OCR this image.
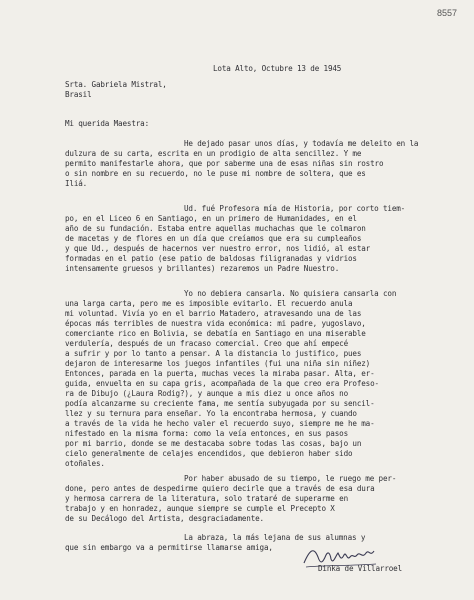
8557
Lota Alto, Octubre 13 de 1945
Srta. Gabriela Mistral,
Brasil
Mi querida Maestra:
He dejado pasar unos días, y todavía me deleito en la
dulzura de su carta, escrita en un prodigio de alta sencillez. Y me
permito manifestarle ahora, que por saberme una de esas niñas sin rostro
o sin nombre en su recuerdo, no le puse mi nombre de soltera, que es
Iliá.
Ud. fué Profesora mía de Historia, por corto tiem-
po, en el Liceo 6 en Santiago, en un primero de Humanidades, en el
año de su fundación. Estaba entre aquellas muchachas que le colmaron
de macetas y de flores en un día que creíamos que era su cumpleaños
y que Ud., después de hacernos ver nuestro error, nos lidió, al estar
formadas en el patio (ese patio de baldosas filigranadas y vidrios
intensamente gruesos y brillantes) rezaremos un Padre Nuestro.
Yo no debiera cansarla. No quisiera cansarla con
una larga carta, pero me es imposible evitarlo. El recuerdo anula
mi voluntad. Vivía yo en el barrio Matadero, atravesando una de las
épocas más terribles de nuestra vida económica: mi padre, yugoslavo,
comerciante rico en Bolivia, se debatía en Santiago en una miserable
verdulería, después de un fracaso comercial. Creo que ahí empecé
a sufrir y por lo tanto a pensar. A la distancia lo justifico, pues
dejaron de interesarme los juegos infantiles (fui una niña sin niñez)
Entonces, parada en la puerta, muchas veces la miraba pasar. Alta, er-
guida, envuelta en su capa gris, acompañada de la que creo era Profeso-
ra de Dibujo (¿Laura Rodig?), y aunque a mis diez u once años no
podía alcanzarme su creciente fama, me sentía subyugada por su sencil-
llez y su ternura para enseñar. Yo la encontraba hermosa, y cuando
a través de la vida he hecho valer el recuerdo suyo, siempre me he ma-
nifestado en la misma forma: como la veía entonces, en sus pasos
por mi barrio, donde se me destacaba sobre todas las cosas, bajo un
cielo generalmente de celajes encendidos, que debieron haber sido
otoñales.
Por haber abusado de su tiempo, le ruego me per-
done, pero antes de despedirme quiero decirle que a través de esa dura
y hermosa carrera de la literatura, solo trataré de superarme en
trabajo y en honradez, aunque siempre se cumple el Precepto X
de su Decálogo del Artista, desgraciadamente.
La abraza, la más lejana de sus alumnas y
que sin embargo va a permitirse llamarse amiga,
Dinka de Villarroel
